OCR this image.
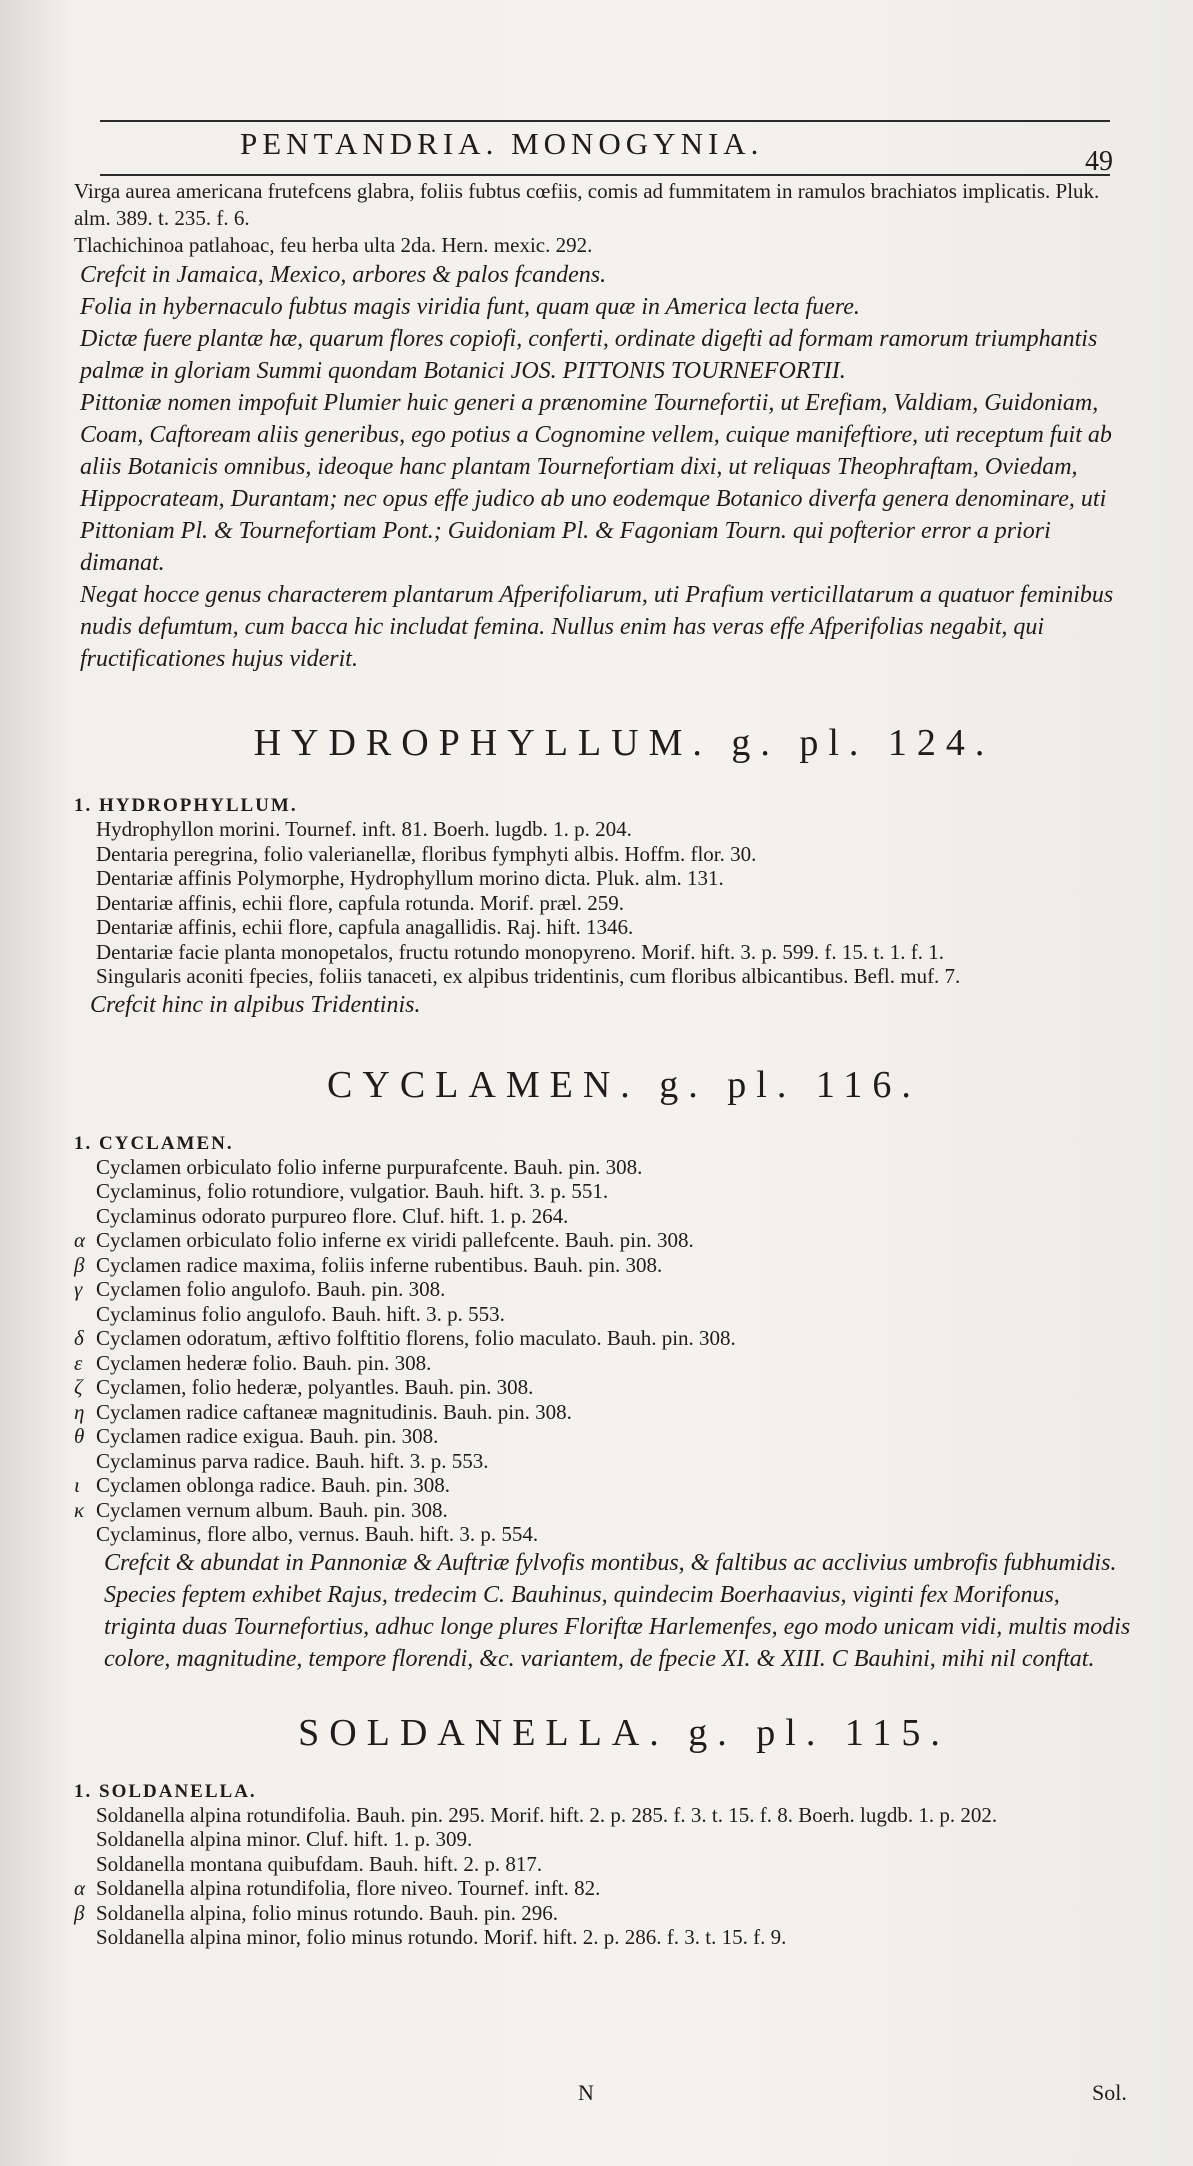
PENTANDRIA. MONOGYNIA.
49

Virga aurea americana frutefcens glabra, foliis fubtus cœfiis, comis ad fummitatem in ramulos brachiatos implicatis. Pluk. alm. 389. t. 235. f. 6.

Tlachichinoa patlahoac, feu herba ulta 2da. Hern. mexic. 292.

Crefcit in Jamaica, Mexico, arbores & palos fcandens.

Folia in hybernaculo fubtus magis viridia funt, quam quæ in America lecta fuere.

Dictæ fuere plantæ hæ, quarum flores copiofi, conferti, ordinate digefti ad formam ramorum triumphantis palmæ in gloriam Summi quondam Botanici JOS. PITTONIS TOURNEFORTII.

Pittoniæ nomen impofuit Plumier huic generi a prænomine Tournefortii, ut Erefiam, Valdiam, Guidoniam, Coam, Caftoream aliis generibus, ego potius a Cognomine vellem, cuique manifeftiore, uti receptum fuit ab aliis Botanicis omnibus, ideoque hanc plantam Tournefortiam dixi, ut reliquas Theophraftam, Oviedam, Hippocrateam, Durantam; nec opus effe judico ab uno eodemque Botanico diverfa genera denominare, uti Pittoniam Pl. & Tournefortiam Pont.; Guidoniam Pl. & Fagoniam Tourn. qui pofterior error a priori dimanat.

Negat hocce genus characterem plantarum Afperifoliarum, uti Prafium verticillatarum a quatuor feminibus nudis defumtum, cum bacca hic includat femina. Nullus enim has veras effe Afperifolias negabit, qui fructificationes hujus viderit.

HYDROPHYLLUM. g. pl. 124.

1. HYDROPHYLLUM.

Hydrophyllon morini. Tournef. inft. 81. Boerh. lugdb. 1. p. 204.

Dentaria peregrina, folio valerianellæ, floribus fymphyti albis. Hoffm. flor. 30.

Dentariæ affinis Polymorphe, Hydrophyllum morino dicta. Pluk. alm. 131.

Dentariæ affinis, echii flore, capfula rotunda. Morif. præl. 259.

Dentariæ affinis, echii flore, capfula anagallidis. Raj. hift. 1346.

Dentariæ facie planta monopetalos, fructu rotundo monopyreno. Morif. hift. 3. p. 599. f. 15. t. 1. f. 1.

Singularis aconiti fpecies, foliis tanaceti, ex alpibus tridentinis, cum floribus albicantibus. Befl. muf. 7.

Crefcit hinc in alpibus Tridentinis.

CYCLAMEN. g. pl. 116.

1. CYCLAMEN.

Cyclamen orbiculato folio inferne purpurafcente. Bauh. pin. 308.

Cyclaminus, folio rotundiore, vulgatior. Bauh. hift. 3. p. 551.

Cyclaminus odorato purpureo flore. Cluf. hift. 1. p. 264.

α Cyclamen orbiculato folio inferne ex viridi pallefcente. Bauh. pin. 308.

β Cyclamen radice maxima, foliis inferne rubentibus. Bauh. pin. 308.

γ Cyclamen folio angulofo. Bauh. pin. 308.

Cyclaminus folio angulofo. Bauh. hift. 3. p. 553.

δ Cyclamen odoratum, æftivo folftitio florens, folio maculato. Bauh. pin. 308.

ε Cyclamen hederæ folio. Bauh. pin. 308.

ζ Cyclamen, folio hederæ, polyantles. Bauh. pin. 308.

η Cyclamen radice caftaneæ magnitudinis. Bauh. pin. 308.

θ Cyclamen radice exigua. Bauh. pin. 308.

Cyclaminus parva radice. Bauh. hift. 3. p. 553.

ι Cyclamen oblonga radice. Bauh. pin. 308.

κ Cyclamen vernum album. Bauh. pin. 308.

Cyclaminus, flore albo, vernus. Bauh. hift. 3. p. 554.

Crefcit & abundat in Pannoniæ & Auftriæ fylvofis montibus, & faltibus ac acclivius umbrofis fubhumidis.

Species feptem exhibet Rajus, tredecim C. Bauhinus, quindecim Boerhaavius, viginti fex Morifonus, triginta duas Tournefortius, adhuc longe plures Floriftæ Harlemenfes, ego modo unicam vidi, multis modis colore, magnitudine, tempore florendi, &c. variantem, de fpecie XI. & XIII. C Bauhini, mihi nil conftat.

SOLDANELLA. g. pl. 115.

1. SOLDANELLA.

Soldanella alpina rotundifolia. Bauh. pin. 295. Morif. hift. 2. p. 285. f. 3. t. 15. f. 8. Boerh. lugdb. 1. p. 202.

Soldanella alpina minor. Cluf. hift. 1. p. 309.

Soldanella montana quibufdam. Bauh. hift. 2. p. 817.

α Soldanella alpina rotundifolia, flore niveo. Tournef. inft. 82.

β Soldanella alpina, folio minus rotundo. Bauh. pin. 296.

Soldanella alpina minor, folio minus rotundo. Morif. hift. 2. p. 286. f. 3. t. 15. f. 9.

N	Sol.
